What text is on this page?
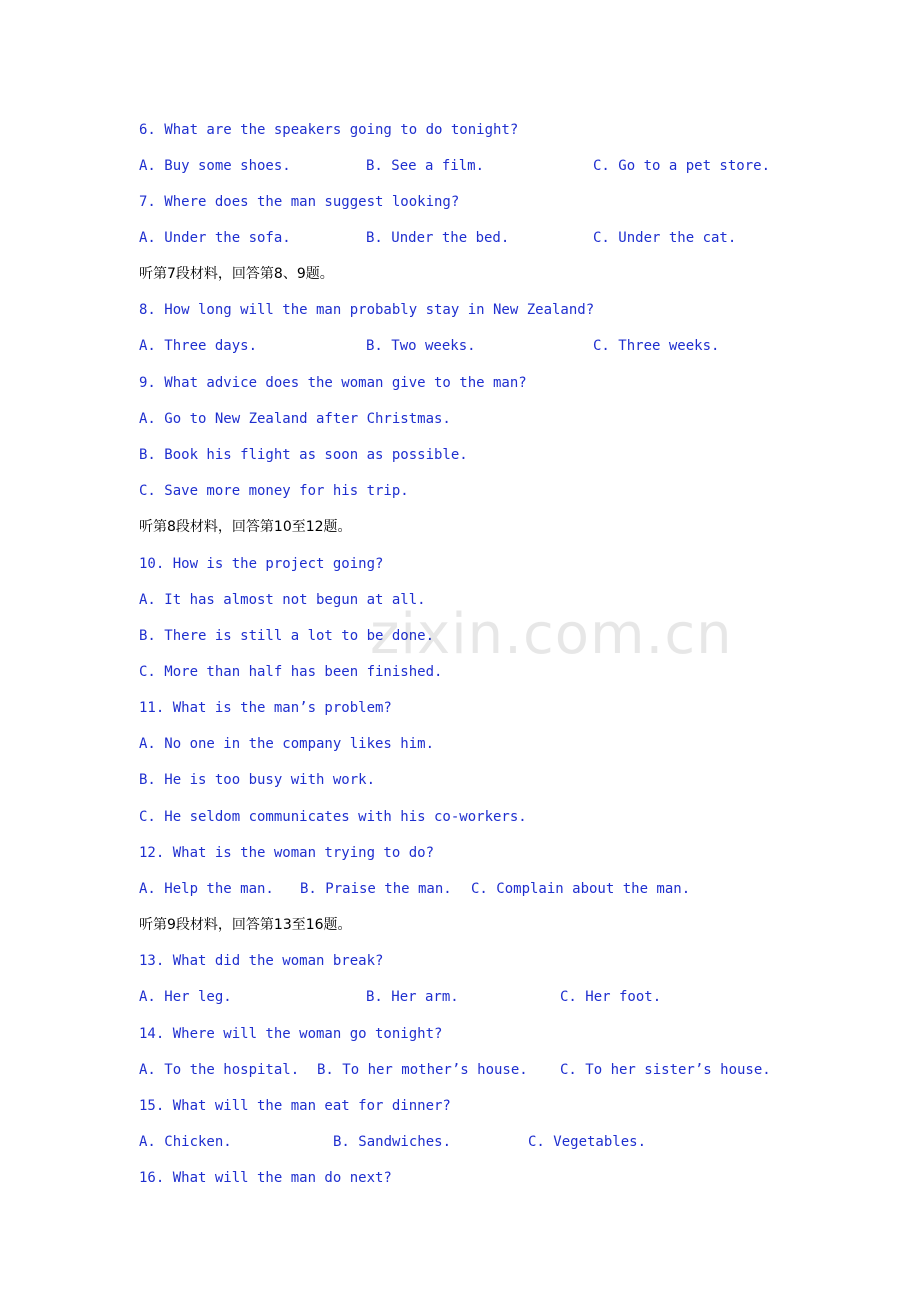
6. What are the speakers going to do tonight?

A. Buy some shoes.

	B. See a film.

	C. Go to a pet store.

7. Where does the man suggest looking?

A. Under the sofa.

	B. Under the bed.

	C. Under the cat.

听第7段材料，回答第8、9题。
8. How long will the man probably stay in New Zealand?

A. Three days.

	B. Two weeks.

	C. Three weeks.

9. What advice does the woman give to the man?
A. Go to New Zealand after Christmas.
B. Book his flight as soon as possible.
C. Save more money for his trip.
听第8段材料，回答第10至12题。
10. How is the project going?
A. It has almost not begun at all.
B. There is still a lot to be done.
C. More than half has been finished.
11. What is the man’s problem?
A. No one in the company likes him.
B. He is too busy with work.
C. He seldom communicates with his co-workers.
12. What is the woman trying to do?

A. Help the man.

B. Praise the man.

C. Complain about the man.

听第9段材料，回答第13至16题。
13. What did the woman break?

A. Her leg.

	B. Her arm.

	C. Her foot.

14. Where will the woman go tonight?

A. To the hospital.

B. To her mother’s house.

C. To her sister’s house.

15. What will the man eat for dinner?

A. Chicken.

	B. Sandwiches.

	C. Vegetables.

16. What will the man do next?
zixin.com.cn
